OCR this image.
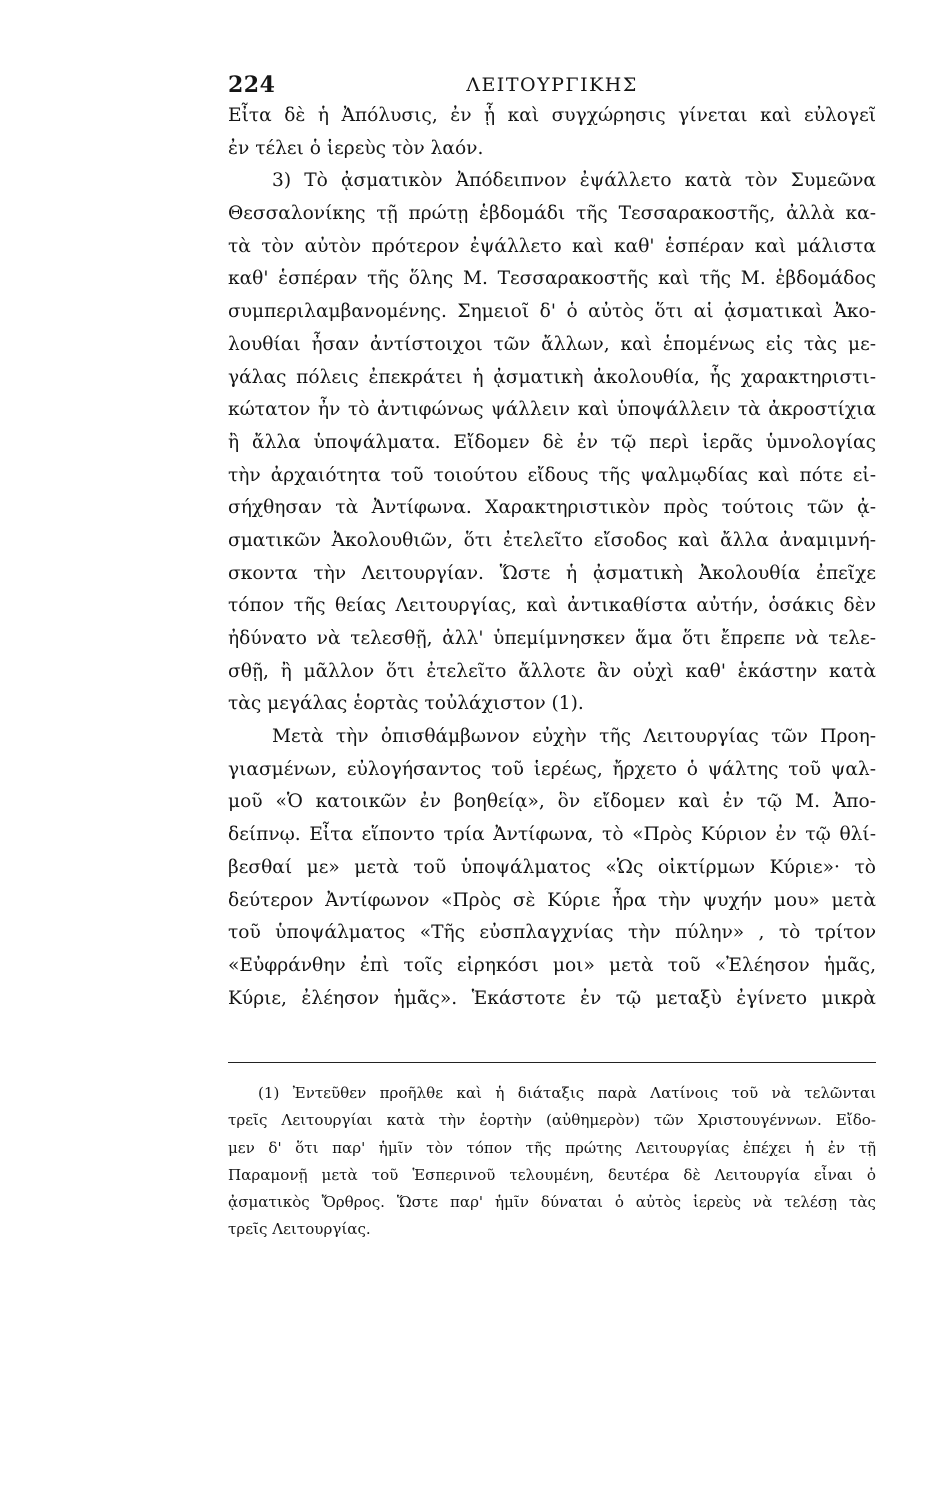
224	ΛΕΙΤΟΥΡΓΙΚΗΣ
Εἶτα δὲ ἡ Ἀπόλυσις, ἐν ᾗ καὶ συγχώρησις γίνεται καὶ εὐλογεῖ
ἐν τέλει ὁ ἱερεὺς τὸν λαόν.
3) Τὸ ᾀσματικὸν Ἀπόδειπνον ἐψάλλετο κατὰ τὸν Συμεῶνα
Θεσσαλονίκης τῇ πρώτῃ ἑβδομάδι τῆς Τεσσαρακοστῆς, ἀλλὰ κα-
τὰ τὸν αὐτὸν πρότερον ἐψάλλετο καὶ καθ' ἑσπέραν καὶ μάλιστα
καθ' ἑσπέραν τῆς ὅλης Μ. Τεσσαρακοστῆς καὶ τῆς Μ. ἑβδομάδος
συμπεριλαμβανομένης. Σημειοῖ δ' ὁ αὐτὸς ὅτι αἱ ᾀσματικαὶ Ἀκο-
λουθίαι ἦσαν ἀντίστοιχοι τῶν ἄλλων, καὶ ἑπομένως εἰς τὰς με-
γάλας πόλεις ἐπεκράτει ἡ ᾀσματικὴ ἀκολουθία, ἧς χαρακτηριστι-
κώτατον ἦν τὸ ἀντιφώνως ψάλλειν καὶ ὑποψάλλειν τὰ ἀκροστίχια
ἢ ἄλλα ὑποψάλματα. Εἴδομεν δὲ ἐν τῷ περὶ ἱερᾶς ὑμνολογίας
τὴν ἀρχαιότητα τοῦ τοιούτου εἴδους τῆς ψαλμῳδίας καὶ πότε εἰ-
σήχθησαν τὰ Ἀντίφωνα. Χαρακτηριστικὸν πρὸς τούτοις τῶν ᾀ-
σματικῶν Ἀκολουθιῶν, ὅτι ἐτελεῖτο εἴσοδος καὶ ἄλλα ἀναμιμνή-
σκοντα τὴν Λειτουργίαν. Ὥστε ἡ ᾀσματικὴ Ἀκολουθία ἐπεῖχε
τόπον τῆς θείας Λειτουργίας, καὶ ἀντικαθίστα αὐτήν, ὁσάκις δὲν
ἠδύνατο νὰ τελεσθῇ, ἀλλ' ὑπεμίμνησκεν ἅμα ὅτι ἔπρεπε νὰ τελε-
σθῇ, ἢ μᾶλλον ὅτι ἐτελεῖτο ἄλλοτε ἂν οὐχὶ καθ' ἑκάστην κατὰ
τὰς μεγάλας ἑορτὰς τοὐλάχιστον (1).
Μετὰ τὴν ὀπισθάμβωνον εὐχὴν τῆς Λειτουργίας τῶν Προη-
γιασμένων, εὐλογήσαντος τοῦ ἱερέως, ἤρχετο ὁ ψάλτης τοῦ ψαλ-
μοῦ «Ὁ κατοικῶν ἐν βοηθείᾳ», ὃν εἴδομεν καὶ ἐν τῷ Μ. Ἀπο-
δείπνῳ. Εἶτα εἵποντο τρία Ἀντίφωνα, τὸ «Πρὸς Κύριον ἐν τῷ θλί-
βεσθαί με» μετὰ τοῦ ὑποψάλματος «Ὡς οἰκτίρμων Κύριε»· τὸ
δεύτερον Ἀντίφωνον «Πρὸς σὲ Κύριε ἦρα τὴν ψυχήν μου» μετὰ
τοῦ ὑποψάλματος «Τῆς εὐσπλαγχνίας τὴν πύλην» , τὸ τρίτον
«Εὐφράνθην ἐπὶ τοῖς εἰρηκόσι μοι» μετὰ τοῦ «Ἐλέησον ἡμᾶς,
Κύριε, ἐλέησον ἡμᾶς». Ἑκάστοτε ἐν τῷ μεταξὺ ἐγίνετο μικρὰ
(1) Ἐντεῦθεν προῆλθε καὶ ἡ διάταξις παρὰ Λατίνοις τοῦ νὰ τελῶνται
τρεῖς Λειτουργίαι κατὰ τὴν ἑορτὴν (αὐθημερὸν) τῶν Χριστουγέννων. Εἴδο-
μεν δ' ὅτι παρ' ἡμῖν τὸν τόπον τῆς πρώτης Λειτουργίας ἐπέχει ἡ ἐν τῇ
Παραμονῇ μετὰ τοῦ Ἑσπερινοῦ τελουμένη, δευτέρα δὲ Λειτουργία εἶναι ὁ
ᾀσματικὸς Ὄρθρος. Ὥστε παρ' ἡμῖν δύναται ὁ αὐτὸς ἱερεὺς νὰ τελέσῃ τὰς
τρεῖς Λειτουργίας.
